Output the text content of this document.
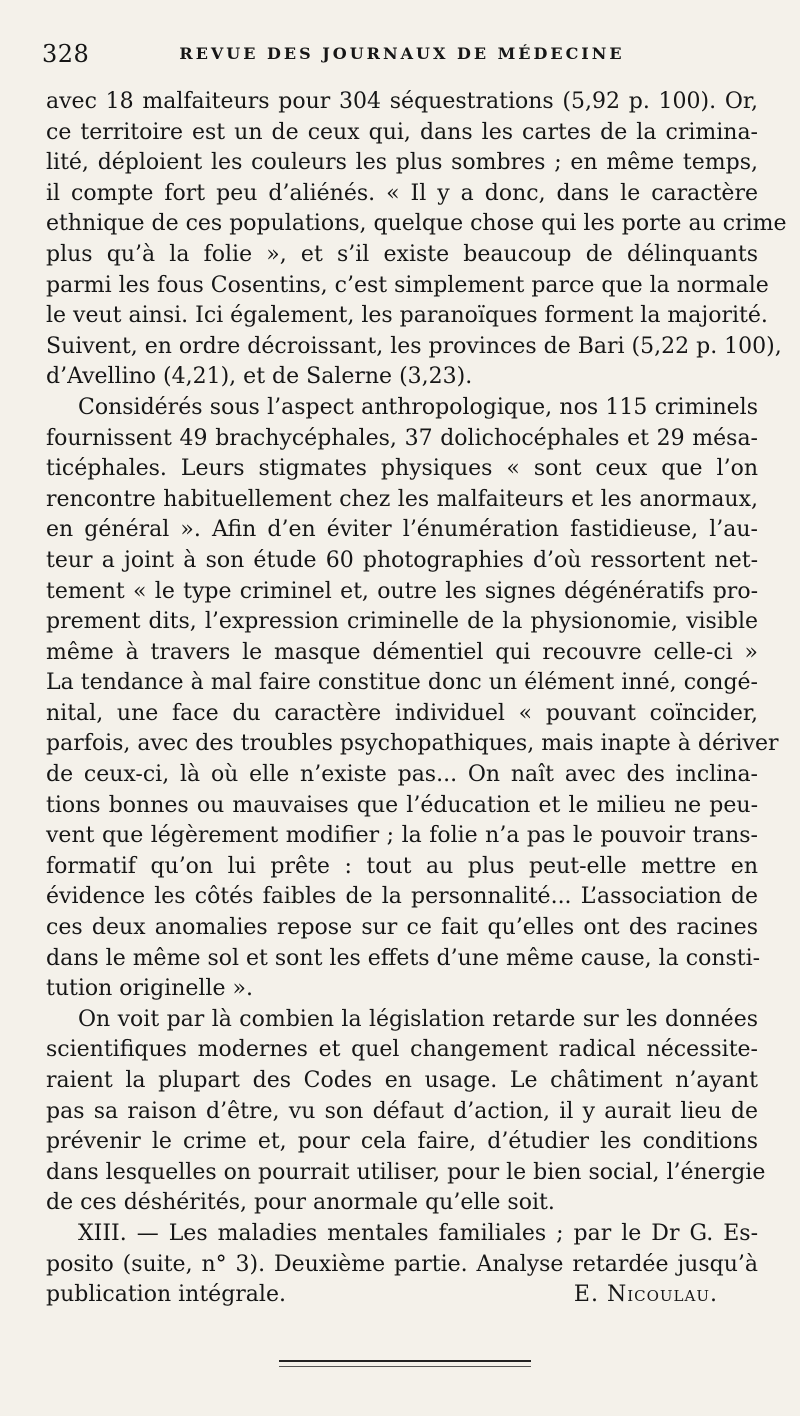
328	REVUE DES JOURNAUX DE MÉDECINE
avec 18 malfaiteurs pour 304 séquestrations (5,92 p. 100). Or,
ce territoire est un de ceux qui, dans les cartes de la crimina-
lité, déploient les couleurs les plus sombres ; en même temps,
il compte fort peu d’aliénés. « Il y a donc, dans le caractère
ethnique de ces populations, quelque chose qui les porte au crime
plus qu’à la folie », et s’il existe beaucoup de délinquants
parmi les fous Cosentins, c’est simplement parce que la normale
le veut ainsi. Ici également, les paranoïques forment la majorité.
Suivent, en ordre décroissant, les provinces de Bari (5,22 p. 100),
d’Avellino (4,21), et de Salerne (3,23).
Considérés sous l’aspect anthropologique, nos 115 criminels
fournissent 49 brachycéphales, 37 dolichocéphales et 29 mésa-
ticéphales. Leurs stigmates physiques « sont ceux que l’on
rencontre habituellement chez les malfaiteurs et les anormaux,
en général ». Afin d’en éviter l’énumération fastidieuse, l’au-
teur a joint à son étude 60 photographies d’où ressortent net-
tement « le type criminel et, outre les signes dégénératifs pro-
prement dits, l’expression criminelle de la physionomie, visible
même à travers le masque démentiel qui recouvre celle-ci »
La tendance à mal faire constitue donc un élément inné, congé-
nital, une face du caractère individuel « pouvant coïncider,
parfois, avec des troubles psychopathiques, mais inapte à dériver
de ceux-ci, là où elle n’existe pas... On naît avec des inclina-
tions bonnes ou mauvaises que l’éducation et le milieu ne peu-
vent que légèrement modifier ; la folie n’a pas le pouvoir trans-
formatif qu’on lui prête : tout au plus peut-elle mettre en
évidence les côtés faibles de la personnalité... L’association de
ces deux anomalies repose sur ce fait qu’elles ont des racines
dans le même sol et sont les effets d’une même cause, la consti-
tution originelle ».
On voit par là combien la législation retarde sur les données
scientifiques modernes et quel changement radical nécessite-
raient la plupart des Codes en usage. Le châtiment n’ayant
pas sa raison d’être, vu son défaut d’action, il y aurait lieu de
prévenir le crime et, pour cela faire, d’étudier les conditions
dans lesquelles on pourrait utiliser, pour le bien social, l’énergie
de ces déshérités, pour anormale qu’elle soit.
XIII. — Les maladies mentales familiales ; par le Dr G. Es-
posito (suite, n° 3). Deuxième partie. Analyse retardée jusqu’à
publication intégrale.	E. Nicoulau.
